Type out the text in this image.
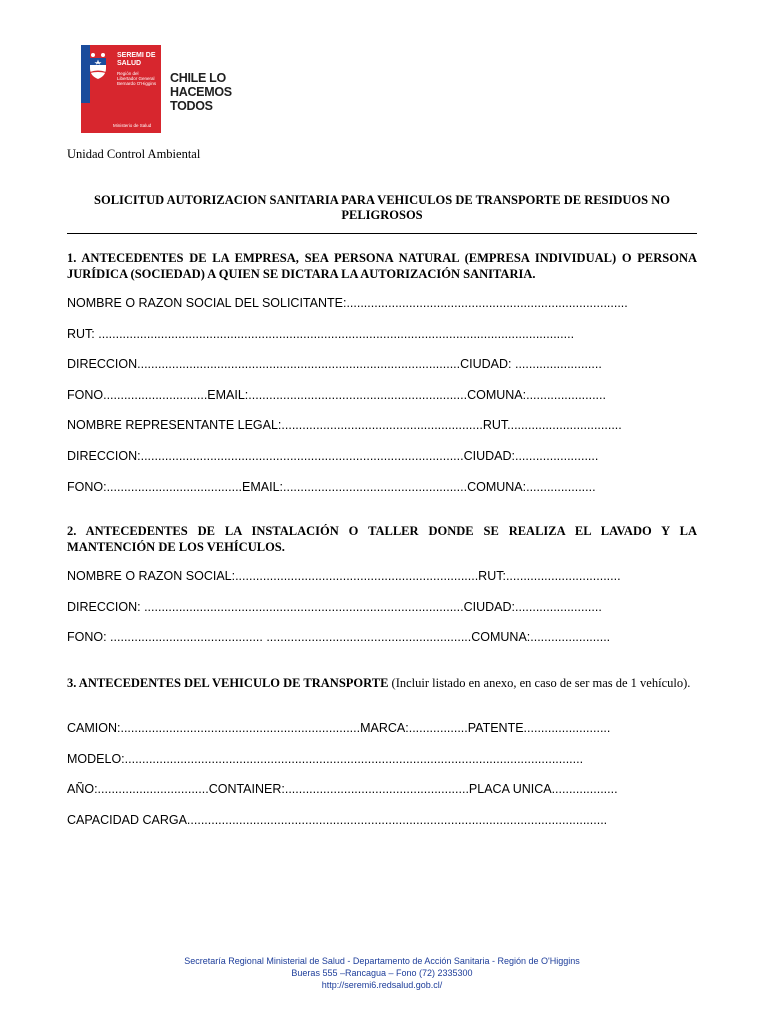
SEREMI DE SALUD
Región del Libertador General Bernardo O'Higgins
Ministerio de Salud
CHILE LO HACEMOS TODOS
Unidad Control Ambiental
SOLICITUD AUTORIZACION SANITARIA PARA VEHICULOS DE TRANSPORTE DE RESIDUOS NO PELIGROSOS
1. ANTECEDENTES DE LA EMPRESA, SEA PERSONA NATURAL (EMPRESA INDIVIDUAL) O PERSONA JURÍDICA (SOCIEDAD) A QUIEN SE DICTARA LA AUTORIZACIÓN SANITARIA.
NOMBRE O RAZON SOCIAL DEL SOLICITANTE:.................................................................................
RUT: .........................................................................................................................................
DIRECCION.............................................................................................CIUDAD: .........................
FONO..............................EMAIL:...............................................................COMUNA:.......................
NOMBRE REPRESENTANTE LEGAL:..........................................................RUT.................................
DIRECCION:.............................................................................................CIUDAD:........................
FONO:.......................................EMAIL:.....................................................COMUNA:....................
2. ANTECEDENTES DE LA INSTALACIÓN O TALLER DONDE SE REALIZA EL LAVADO Y LA MANTENCIÓN DE LOS VEHÍCULOS.
NOMBRE O RAZON SOCIAL:......................................................................RUT:.................................
DIRECCION: ............................................................................................CIUDAD:.........................
FONO: ............................................ ...........................................................COMUNA:.......................
3. ANTECEDENTES DEL VEHICULO DE TRANSPORTE (Incluir listado en anexo, en caso de ser mas de 1 vehículo).
CAMION:.....................................................................MARCA:.................PATENTE.........................
MODELO:....................................................................................................................................
AÑO:................................CONTAINER:.....................................................PLACA UNICA...................
CAPACIDAD CARGA.........................................................................................................................
Secretaría Regional Ministerial de Salud - Departamento de Acción Sanitaria - Región de O'Higgins
Bueras 555 –Rancagua – Fono (72) 2335300
http://seremi6.redsalud.gob.cl/
